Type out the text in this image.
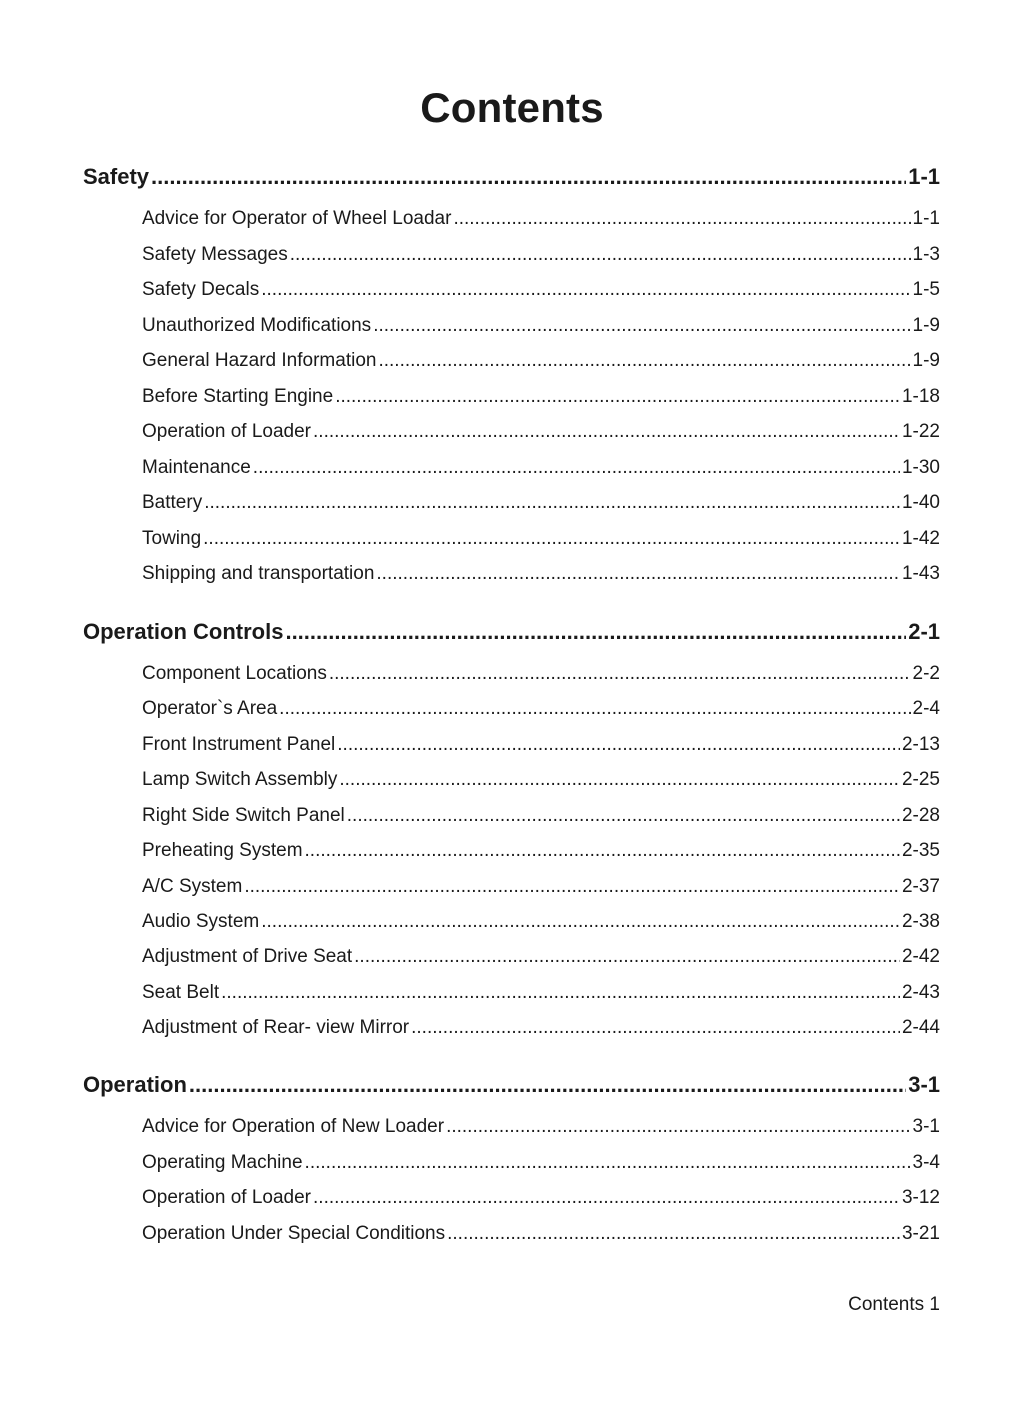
Contents
Safety .....	1-1
Advice for Operator of Wheel Loadar .....	1-1
Safety Messages .....	1-3
Safety Decals .....	1-5
Unauthorized Modifications .....	1-9
General Hazard Information .....	1-9
Before Starting Engine .....	1-18
Operation of Loader .....	1-22
Maintenance .....	1-30
Battery .....	1-40
Towing .....	1-42
Shipping and transportation .....	1-43
Operation Controls .....	2-1
Component Locations .....	2-2
Operator`s Area .....	2-4
Front Instrument Panel .....	2-13
Lamp Switch Assembly .....	2-25
Right Side Switch Panel .....	2-28
Preheating System .....	2-35
A/C System .....	2-37
Audio System .....	2-38
Adjustment of Drive Seat .....	2-42
Seat Belt .....	2-43
Adjustment of Rear- view Mirror .....	2-44
Operation .....	3-1
Advice for Operation of New Loader .....	3-1
Operating Machine .....	3-4
Operation of Loader .....	3-12
Operation Under Special Conditions .....	3-21
Contents 1
